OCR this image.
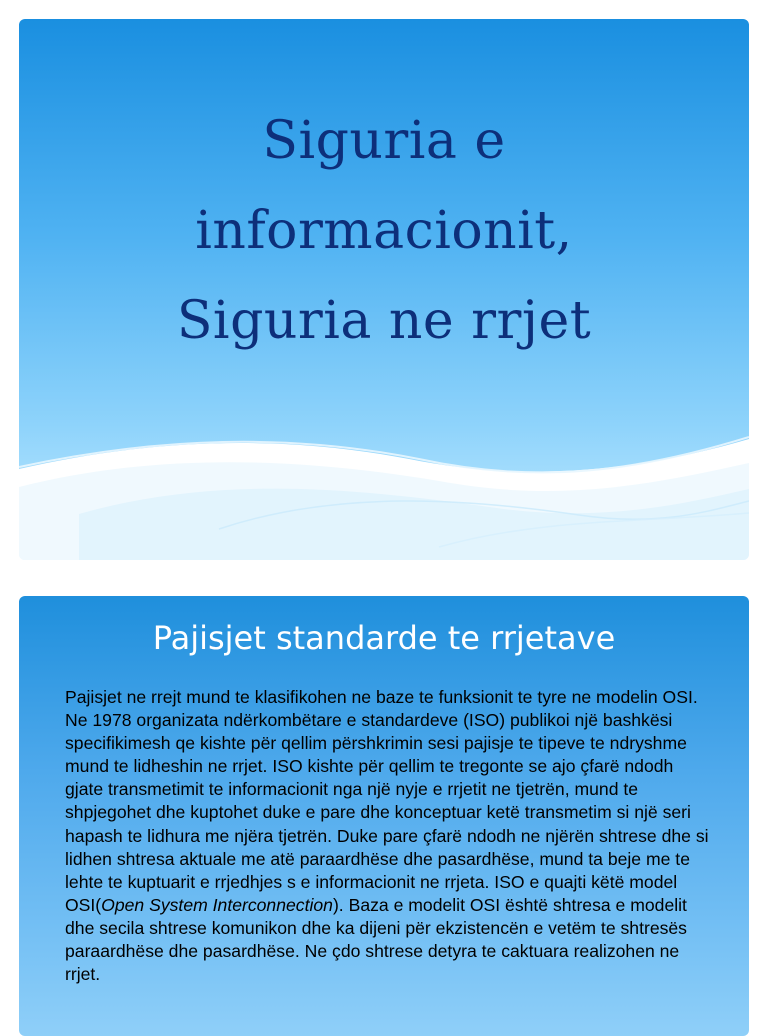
Siguria e
informacionit,
Siguria ne rrjet
Pajisjet standarde te rrjetave

Pajisjet ne rrejt mund te klasifikohen ne baze te funksionit te tyre ne modelin OSI. Ne 1978 organizata ndërkombëtare e standardeve (ISO) publikoi një bashkësi specifikimesh qe kishte për qellim përshkrimin sesi pajisje te tipeve te ndryshme mund te lidheshin ne rrjet. ISO kishte për qellim te tregonte se ajo çfarë ndodh gjate transmetimit te informacionit nga një nyje e rrjetit ne tjetrën, mund te shpjegohet dhe kuptohet duke e pare dhe konceptuar ketë transmetim si një seri hapash te lidhura me njëra tjetrën. Duke pare çfarë ndodh ne njërën shtrese dhe si lidhen shtresa aktuale me atë paraardhëse dhe pasardhëse, mund ta beje me te lehte te kuptuarit e rrjedhjes s e informacionit ne rrjeta. ISO e quajti këtë model OSI(Open System Interconnection). Baza e modelit OSI është shtresa e modelit dhe secila shtrese komunikon dhe ka dijeni për ekzistencën e vetëm te shtresës paraardhëse dhe pasardhëse. Ne çdo shtrese detyra te caktuara realizohen ne rrjet.
